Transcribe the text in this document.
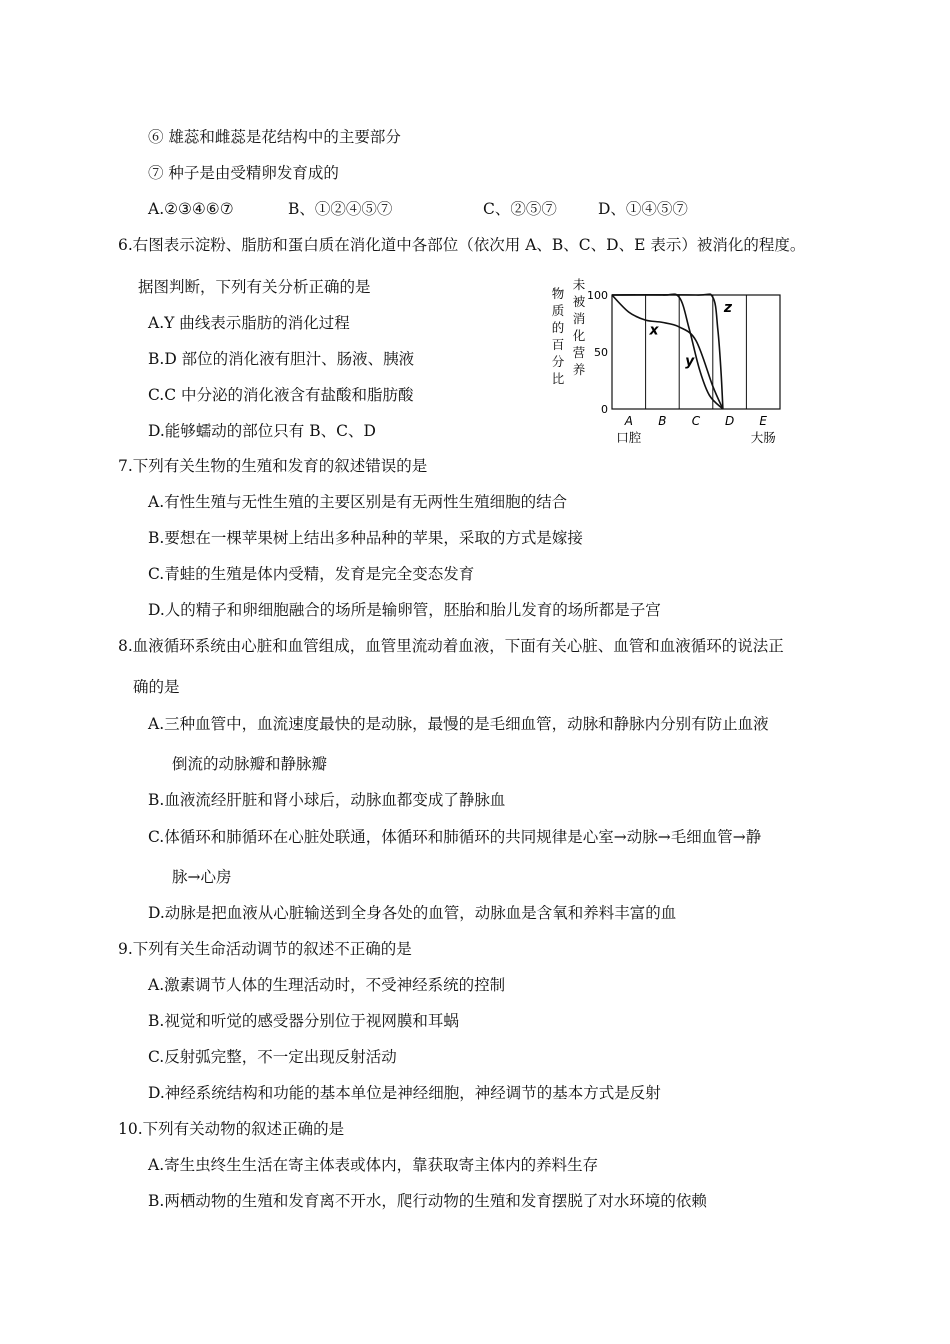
⑥ 雄蕊和雌蕊是花结构中的主要部分
⑦ 种子是由受精卵发育成的
A.②③④⑥⑦	B、①②④⑤⑦	C、②⑤⑦	D、①④⑤⑦
6.右图表示淀粉、脂肪和蛋白质在消化道中各部位（依次用 A、B、C、D、E 表示）被消化的程度。
据图判断，下列有关分析正确的是
A.Y 曲线表示脂肪的消化过程
B.D 部位的消化液有胆汁、肠液、胰液
C.C 中分泌的消化液含有盐酸和脂肪酸
D.能够蠕动的部位只有 B、C、D
100
50
0
物
质
的
百
分
比
未
被
消
化
营
养
A
口腔
B C D E
大肠
x
y
z
7.下列有关生物的生殖和发育的叙述错误的是
A.有性生殖与无性生殖的主要区别是有无两性生殖细胞的结合
B.要想在一棵苹果树上结出多种品种的苹果，采取的方式是嫁接
C.青蛙的生殖是体内受精，发育是完全变态发育
D.人的精子和卵细胞融合的场所是输卵管，胚胎和胎儿发育的场所都是子宫
8.血液循环系统由心脏和血管组成，血管里流动着血液，下面有关心脏、血管和血液循环的说法正
确的是
A.三种血管中，血流速度最快的是动脉，最慢的是毛细血管，动脉和静脉内分别有防止血液
倒流的动脉瓣和静脉瓣
B.血液流经肝脏和肾小球后，动脉血都变成了静脉血
C.体循环和肺循环在心脏处联通，体循环和肺循环的共同规律是心室→动脉→毛细血管→静
脉→心房
D.动脉是把血液从心脏输送到全身各处的血管，动脉血是含氧和养料丰富的血
9.下列有关生命活动调节的叙述不正确的是
A.激素调节人体的生理活动时，不受神经系统的控制
B.视觉和听觉的感受器分别位于视网膜和耳蜗
C.反射弧完整，不一定出现反射活动
D.神经系统结构和功能的基本单位是神经细胞，神经调节的基本方式是反射
10.下列有关动物的叙述正确的是
A.寄生虫终生生活在寄主体表或体内，靠获取寄主体内的养料生存
B.两栖动物的生殖和发育离不开水，爬行动物的生殖和发育摆脱了对水环境的依赖
